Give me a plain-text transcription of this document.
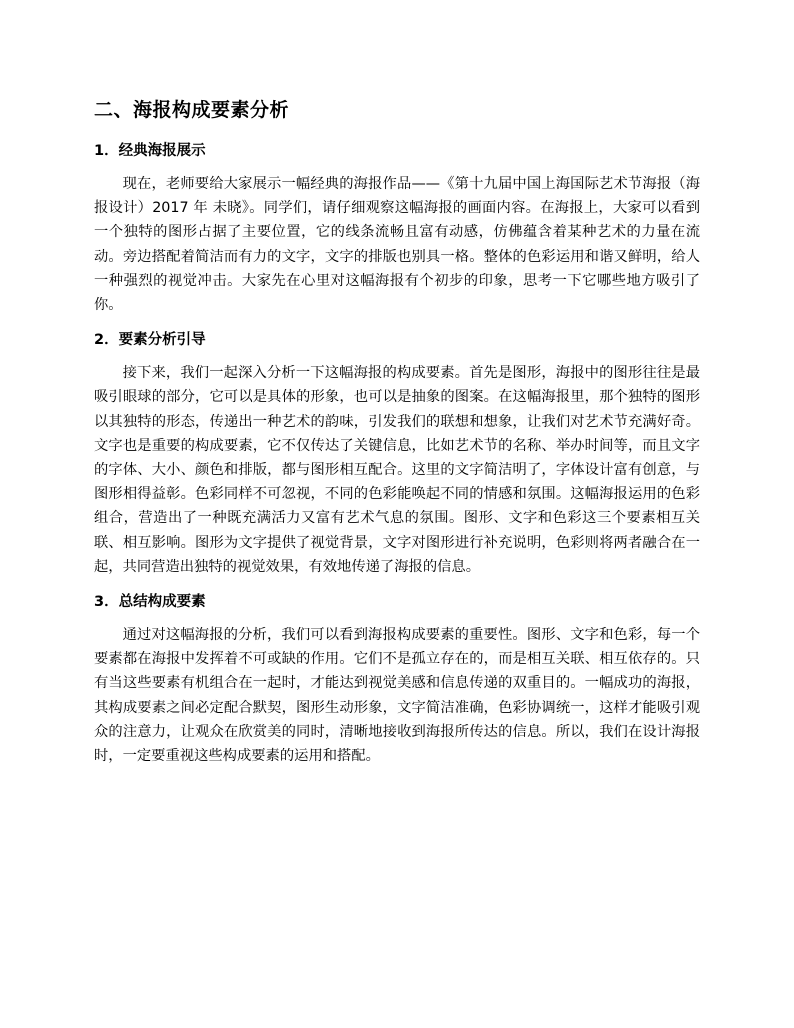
二、海报构成要素分析
1．经典海报展示

现在，老师要给大家展示一幅经典的海报作品——《第十九届中国上海国际艺术节海报（海报设计）2017 年 未晓》。同学们，请仔细观察这幅海报的画面内容。在海报上，大家可以看到一个独特的图形占据了主要位置，它的线条流畅且富有动感，仿佛蕴含着某种艺术的力量在流动。旁边搭配着简洁而有力的文字，文字的排版也别具一格。整体的色彩运用和谐又鲜明，给人一种强烈的视觉冲击。大家先在心里对这幅海报有个初步的印象，思考一下它哪些地方吸引了你。

2．要素分析引导

接下来，我们一起深入分析一下这幅海报的构成要素。首先是图形，海报中的图形往往是最吸引眼球的部分，它可以是具体的形象，也可以是抽象的图案。在这幅海报里，那个独特的图形以其独特的形态，传递出一种艺术的韵味，引发我们的联想和想象，让我们对艺术节充满好奇。文字也是重要的构成要素，它不仅传达了关键信息，比如艺术节的名称、举办时间等，而且文字的字体、大小、颜色和排版，都与图形相互配合。这里的文字简洁明了，字体设计富有创意，与图形相得益彰。色彩同样不可忽视，不同的色彩能唤起不同的情感和氛围。这幅海报运用的色彩组合，营造出了一种既充满活力又富有艺术气息的氛围。图形、文字和色彩这三个要素相互关联、相互影响。图形为文字提供了视觉背景，文字对图形进行补充说明，色彩则将两者融合在一起，共同营造出独特的视觉效果，有效地传递了海报的信息。

3．总结构成要素

通过对这幅海报的分析，我们可以看到海报构成要素的重要性。图形、文字和色彩，每一个要素都在海报中发挥着不可或缺的作用。它们不是孤立存在的，而是相互关联、相互依存的。只有当这些要素有机组合在一起时，才能达到视觉美感和信息传递的双重目的。一幅成功的海报，其构成要素之间必定配合默契，图形生动形象，文字简洁准确，色彩协调统一，这样才能吸引观众的注意力，让观众在欣赏美的同时，清晰地接收到海报所传达的信息。所以，我们在设计海报时，一定要重视这些构成要素的运用和搭配。
